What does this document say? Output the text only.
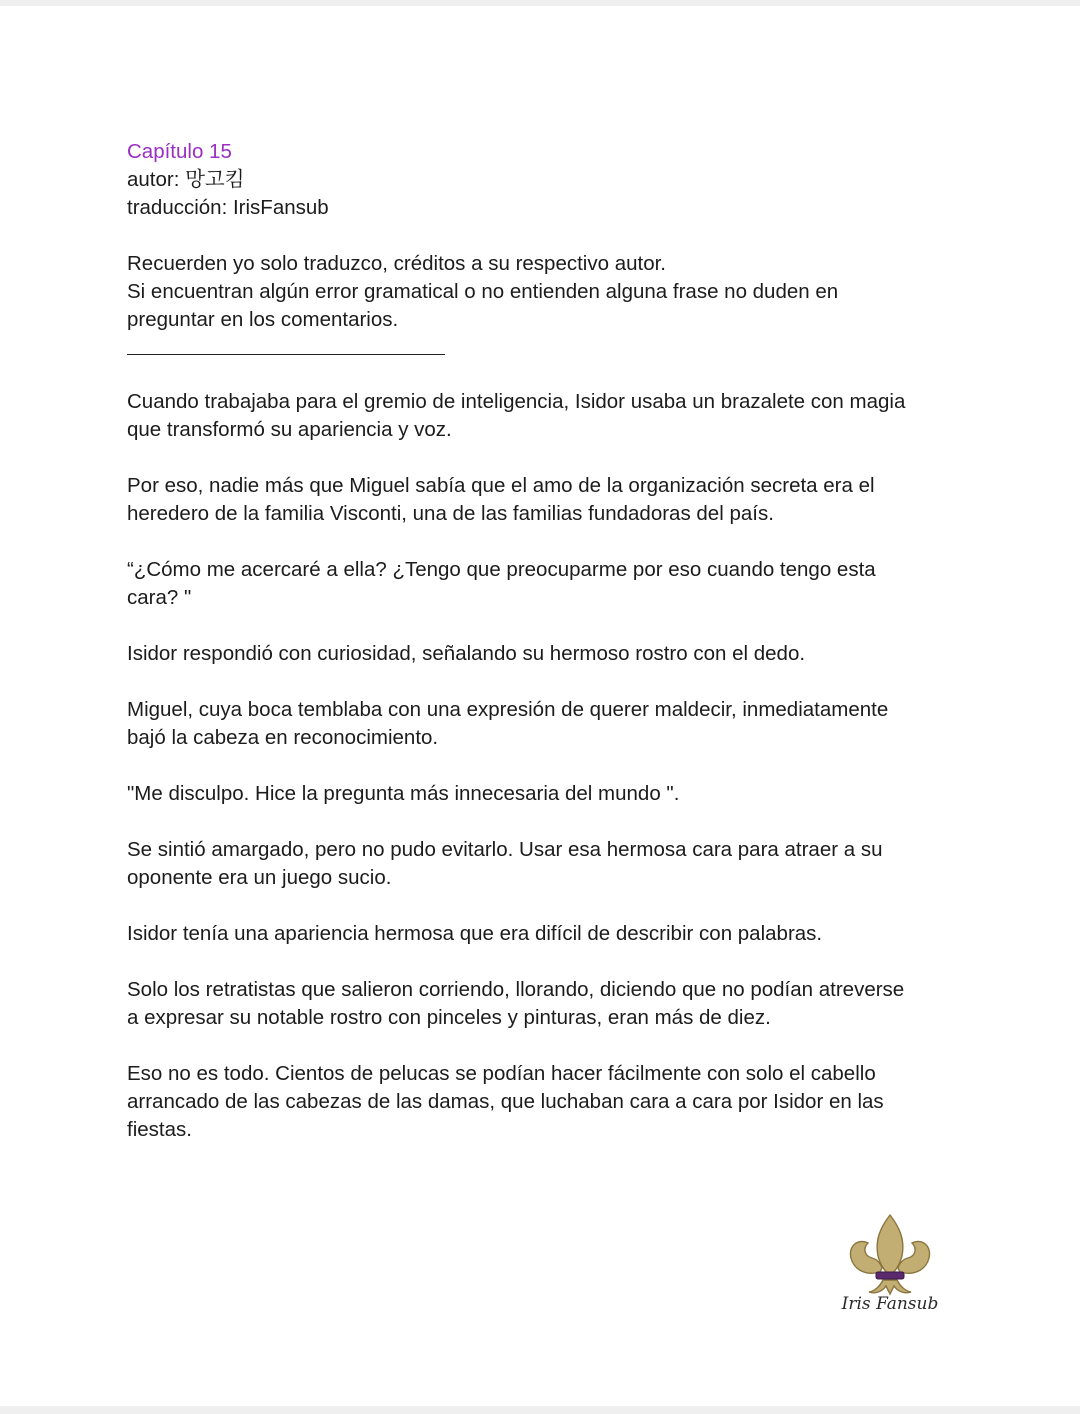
Capítulo 15

autor: 망고킴

traducción: IrisFansub

Recuerden yo solo traduzco, créditos a su respectivo autor.

Si encuentran algún error gramatical o no entienden alguna frase no duden en

preguntar en los comentarios.

Cuando trabajaba para el gremio de inteligencia, Isidor usaba un brazalete con magia
que transformó su apariencia y voz.

Por eso, nadie más que Miguel sabía que el amo de la organización secreta era el
heredero de la familia Visconti, una de las familias fundadoras del país.

“¿Cómo me acercaré a ella? ¿Tengo que preocuparme por eso cuando tengo esta
cara? "

Isidor respondió con curiosidad, señalando su hermoso rostro con el dedo.

Miguel, cuya boca temblaba con una expresión de querer maldecir, inmediatamente
bajó la cabeza en reconocimiento.

"Me disculpo. Hice la pregunta más innecesaria del mundo ".

Se sintió amargado, pero no pudo evitarlo. Usar esa hermosa cara para atraer a su
oponente era un juego sucio.

Isidor tenía una apariencia hermosa que era difícil de describir con palabras.

Solo los retratistas que salieron corriendo, llorando, diciendo que no podían atreverse
a expresar su notable rostro con pinceles y pinturas, eran más de diez.

Eso no es todo. Cientos de pelucas se podían hacer fácilmente con solo el cabello
arrancado de las cabezas de las damas, que luchaban cara a cara por Isidor en las
fiestas.

Iris Fansub
